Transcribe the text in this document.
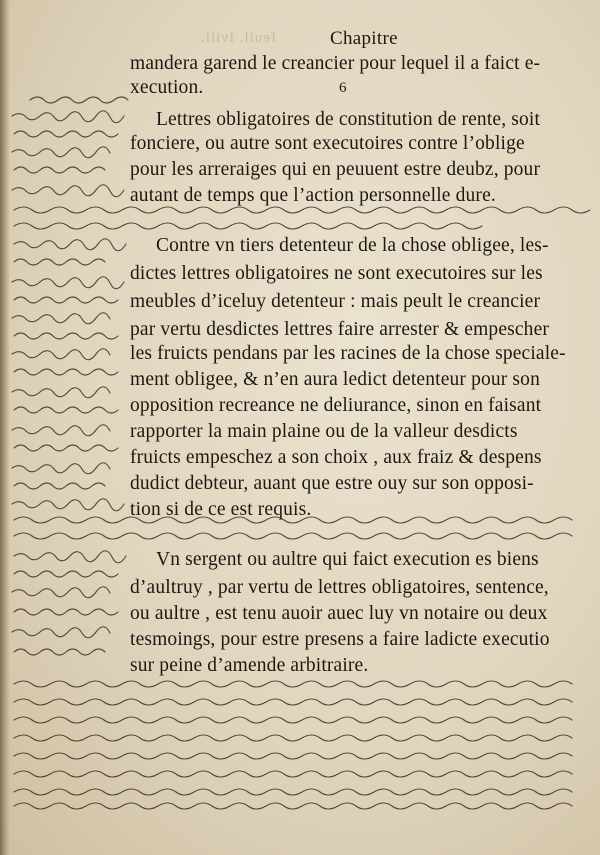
feuil. lviii.	Chapitre
6

mandera garend le creancier pour lequel il a faict e-

xecution.

Lettres obligatoires de constitution de rente, soit

fonciere, ou autre sont executoires contre l’oblige

pour les arreraiges qui en peuuent estre deubz, pour

autant de temps que l’action personnelle dure.

Contre vn tiers detenteur de la chose obligee, les-

dictes lettres obligatoires ne sont executoires sur les

meubles d’iceluy detenteur : mais peult le creancier

par vertu desdictes lettres faire arrester & empescher

les fruicts pendans par les racines de la chose speciale-

ment obligee, & n’en aura ledict detenteur pour son

opposition recreance ne deliurance, sinon en faisant

rapporter la main plaine ou de la valleur desdicts

fruicts empeschez a son choix , aux fraiz & despens

dudict debteur, auant que estre ouy sur son opposi-

tion si de ce est requis.

Vn sergent ou aultre qui faict execution es biens

d’aultruy , par vertu de lettres obligatoires, sentence,

ou aultre , est tenu auoir auec luy vn notaire ou deux

tesmoings, pour estre presens a faire ladicte executio

sur peine d’amende arbitraire.
